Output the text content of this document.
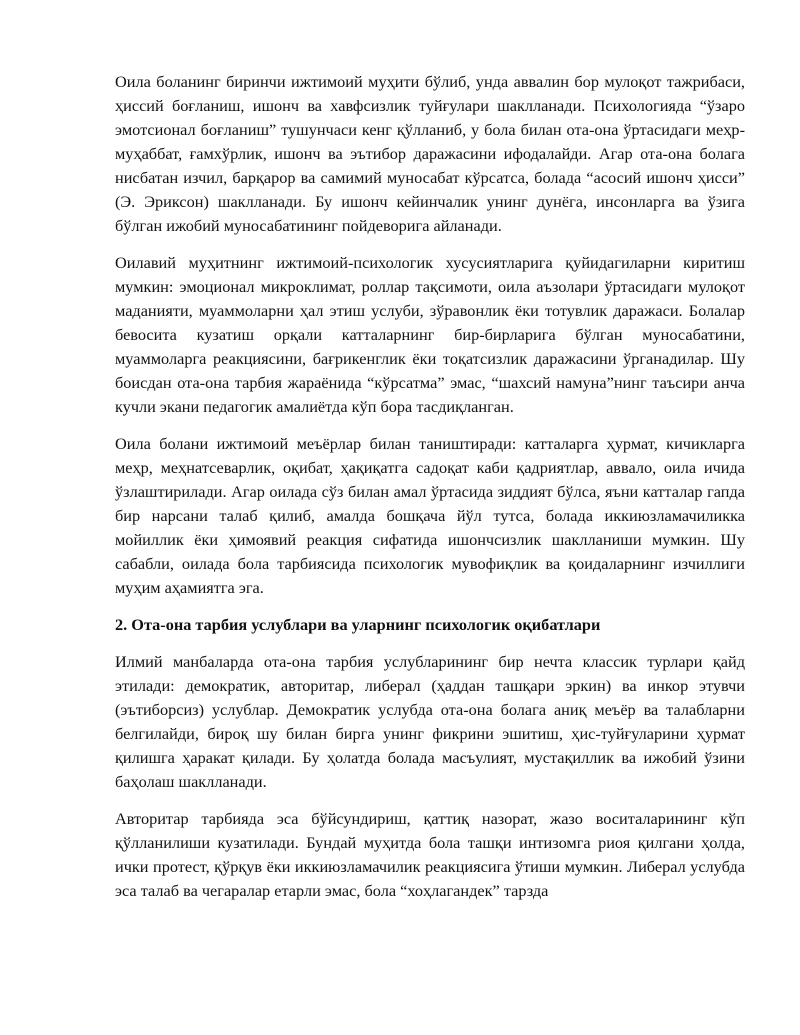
Оила боланинг биринчи ижтимоий муҳити бўлиб, унда аввалин бор мулоқот тажрибаси, ҳиссий боғланиш, ишонч ва хавфсизлик туйғулари шаклланади. Психологияда “ўзаро эмотсионал боғланиш” тушунчаси кенг қўлланиб, у бола билан ота-она ўртасидаги меҳр-муҳаббат, ғамхўрлик, ишонч ва эътибор даражасини ифодалайди. Агар ота-она болага нисбатан изчил, барқарор ва самимий муносабат кўрсатса, болада “асосий ишонч ҳисси” (Э. Эриксон) шаклланади. Бу ишонч кейинчалик унинг дунёга, инсонларга ва ўзига бўлган ижобий муносабатининг пойдеворига айланади.

Оилавий муҳитнинг ижтимоий-психологик хусусиятларига қуйидагиларни киритиш мумкин: эмоционал микроклимат, роллар тақсимоти, оила аъзолари ўртасидаги мулоқот маданияти, муаммоларни ҳал этиш услуби, зўравонлик ёки тотувлик даражаси. Болалар бевосита кузатиш орқали катталарнинг бир-бирларига бўлган муносабатини, муаммоларга реакциясини, бағрикенглик ёки тоқатсизлик даражасини ўрганадилар. Шу боисдан ота-она тарбия жараёнида “кўрсатма” эмас, “шахсий намуна”нинг таъсири анча кучли экани педагогик амалиётда кўп бора тасдиқланган.

Оила болани ижтимоий меъёрлар билан таништиради: катталарга ҳурмат, кичикларга меҳр, меҳнатсеварлик, оқибат, ҳақиқатга садоқат каби қадриятлар, аввало, оила ичида ўзлаштирилади. Агар оилада сўз билан амал ўртасида зиддият бўлса, яъни катталар гапда бир нарсани талаб қилиб, амалда бошқача йўл тутса, болада иккиюзламачиликка мойиллик ёки ҳимоявий реакция сифатида ишончсизлик шаклланиши мумкин. Шу сабабли, оилада бола тарбиясида психологик мувофиқлик ва қоидаларнинг изчиллиги муҳим аҳамиятга эга.

2. Ота-она тарбия услублари ва уларнинг психологик оқибатлари

Илмий манбаларда ота-она тарбия услубларининг бир нечта классик турлари қайд этилади: демократик, авторитар, либерал (ҳаддан ташқари эркин) ва инкор этувчи (эътиборсиз) услублар. Демократик услубда ота-она болага аниқ меъёр ва талабларни белгилайди, бироқ шу билан бирга унинг фикрини эшитиш, ҳис-туйғуларини ҳурмат қилишга ҳаракат қилади. Бу ҳолатда болада масъулият, мустақиллик ва ижобий ўзини баҳолаш шаклланади.

Авторитар тарбияда эса бўйсундириш, қаттиқ назорат, жазо воситаларининг кўп қўлланилиши кузатилади. Бундай муҳитда бола ташқи интизомга риоя қилгани ҳолда, ички протест, қўрқув ёки иккиюзламачилик реакциясига ўтиши мумкин. Либерал услубда эса талаб ва чегаралар етарли эмас, бола “хоҳлагандек” тарзда
